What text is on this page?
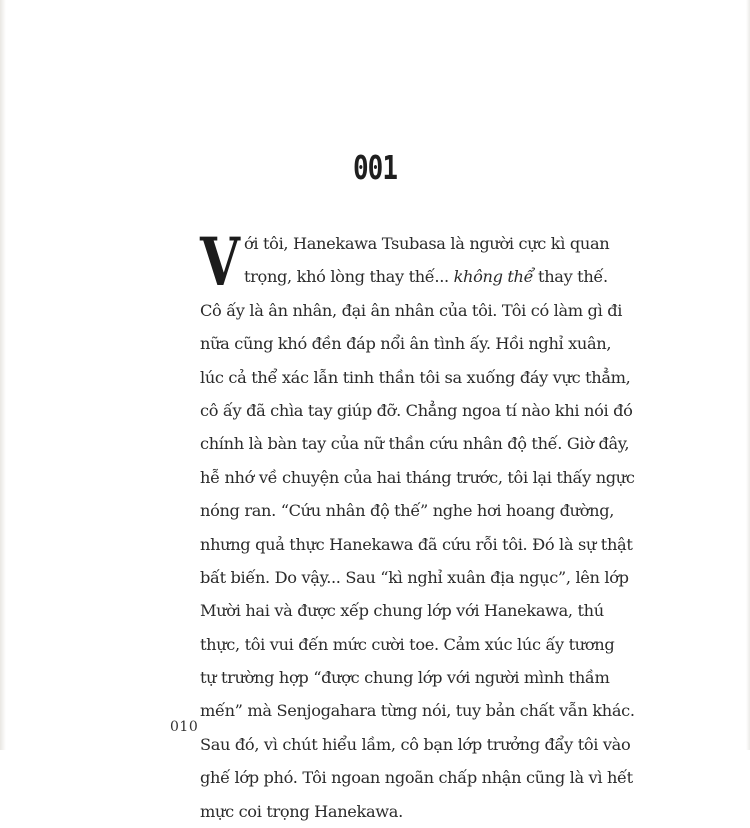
001
V ới tôi, Hanekawa Tsubasa là người cực kì quan
trọng, khó lòng thay thế... không thể thay thế.
Cô ấy là ân nhân, đại ân nhân của tôi. Tôi có làm gì đi
nữa cũng khó đền đáp nổi ân tình ấy. Hồi nghỉ xuân,
lúc cả thể xác lẫn tinh thần tôi sa xuống đáy vực thẳm,
cô ấy đã chìa tay giúp đỡ. Chẳng ngoa tí nào khi nói đó
chính là bàn tay của nữ thần cứu nhân độ thế. Giờ đây,
hễ nhớ về chuyện của hai tháng trước, tôi lại thấy ngực
nóng ran. “Cứu nhân độ thế” nghe hơi hoang đường,
nhưng quả thực Hanekawa đã cứu rỗi tôi. Đó là sự thật
bất biến. Do vậy... Sau “kì nghỉ xuân địa ngục”, lên lớp
Mười hai và được xếp chung lớp với Hanekawa, thú
thực, tôi vui đến mức cười toe. Cảm xúc lúc ấy tương
tự trường hợp “được chung lớp với người mình thầm
mến” mà Senjogahara từng nói, tuy bản chất vẫn khác.
Sau đó, vì chút hiểu lầm, cô bạn lớp trưởng đẩy tôi vào
ghế lớp phó. Tôi ngoan ngoãn chấp nhận cũng là vì hết
mực coi trọng Hanekawa.
010
